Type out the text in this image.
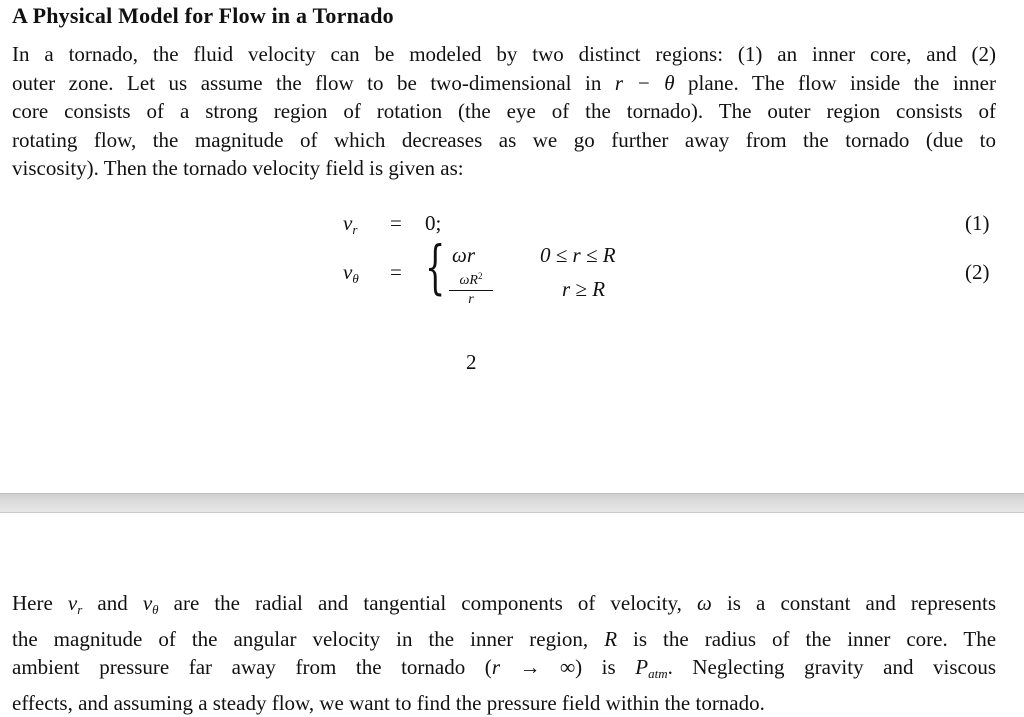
A Physical Model for Flow in a Tornado
In a tornado, the fluid velocity can be modeled by two distinct regions: (1) an inner core, and (2)
outer zone. Let us assume the flow to be two-dimensional in r − θ plane. The flow inside the inner
core consists of a strong region of rotation (the eye of the tornado). The outer region consists of
rotating flow, the magnitude of which decreases as we go further away from the tornado (due to
viscosity). Then the tornado velocity field is given as:
$v_r = 0$;	(1)
$v_\theta$ = { ωr	0 ≤ r ≤ R
$\frac{\omega R^2}{r}$	r ≥ R
(2)
2
Here $v_r$ and $v_\theta$ are the radial and tangential components of velocity, ω is a constant and represents
the magnitude of the angular velocity in the inner region, R is the radius of the inner core. The
ambient pressure far away from the tornado (r → ∞) is $P_{atm}$. Neglecting gravity and viscous
effects, and assuming a steady flow, we want to find the pressure field within the tornado.
